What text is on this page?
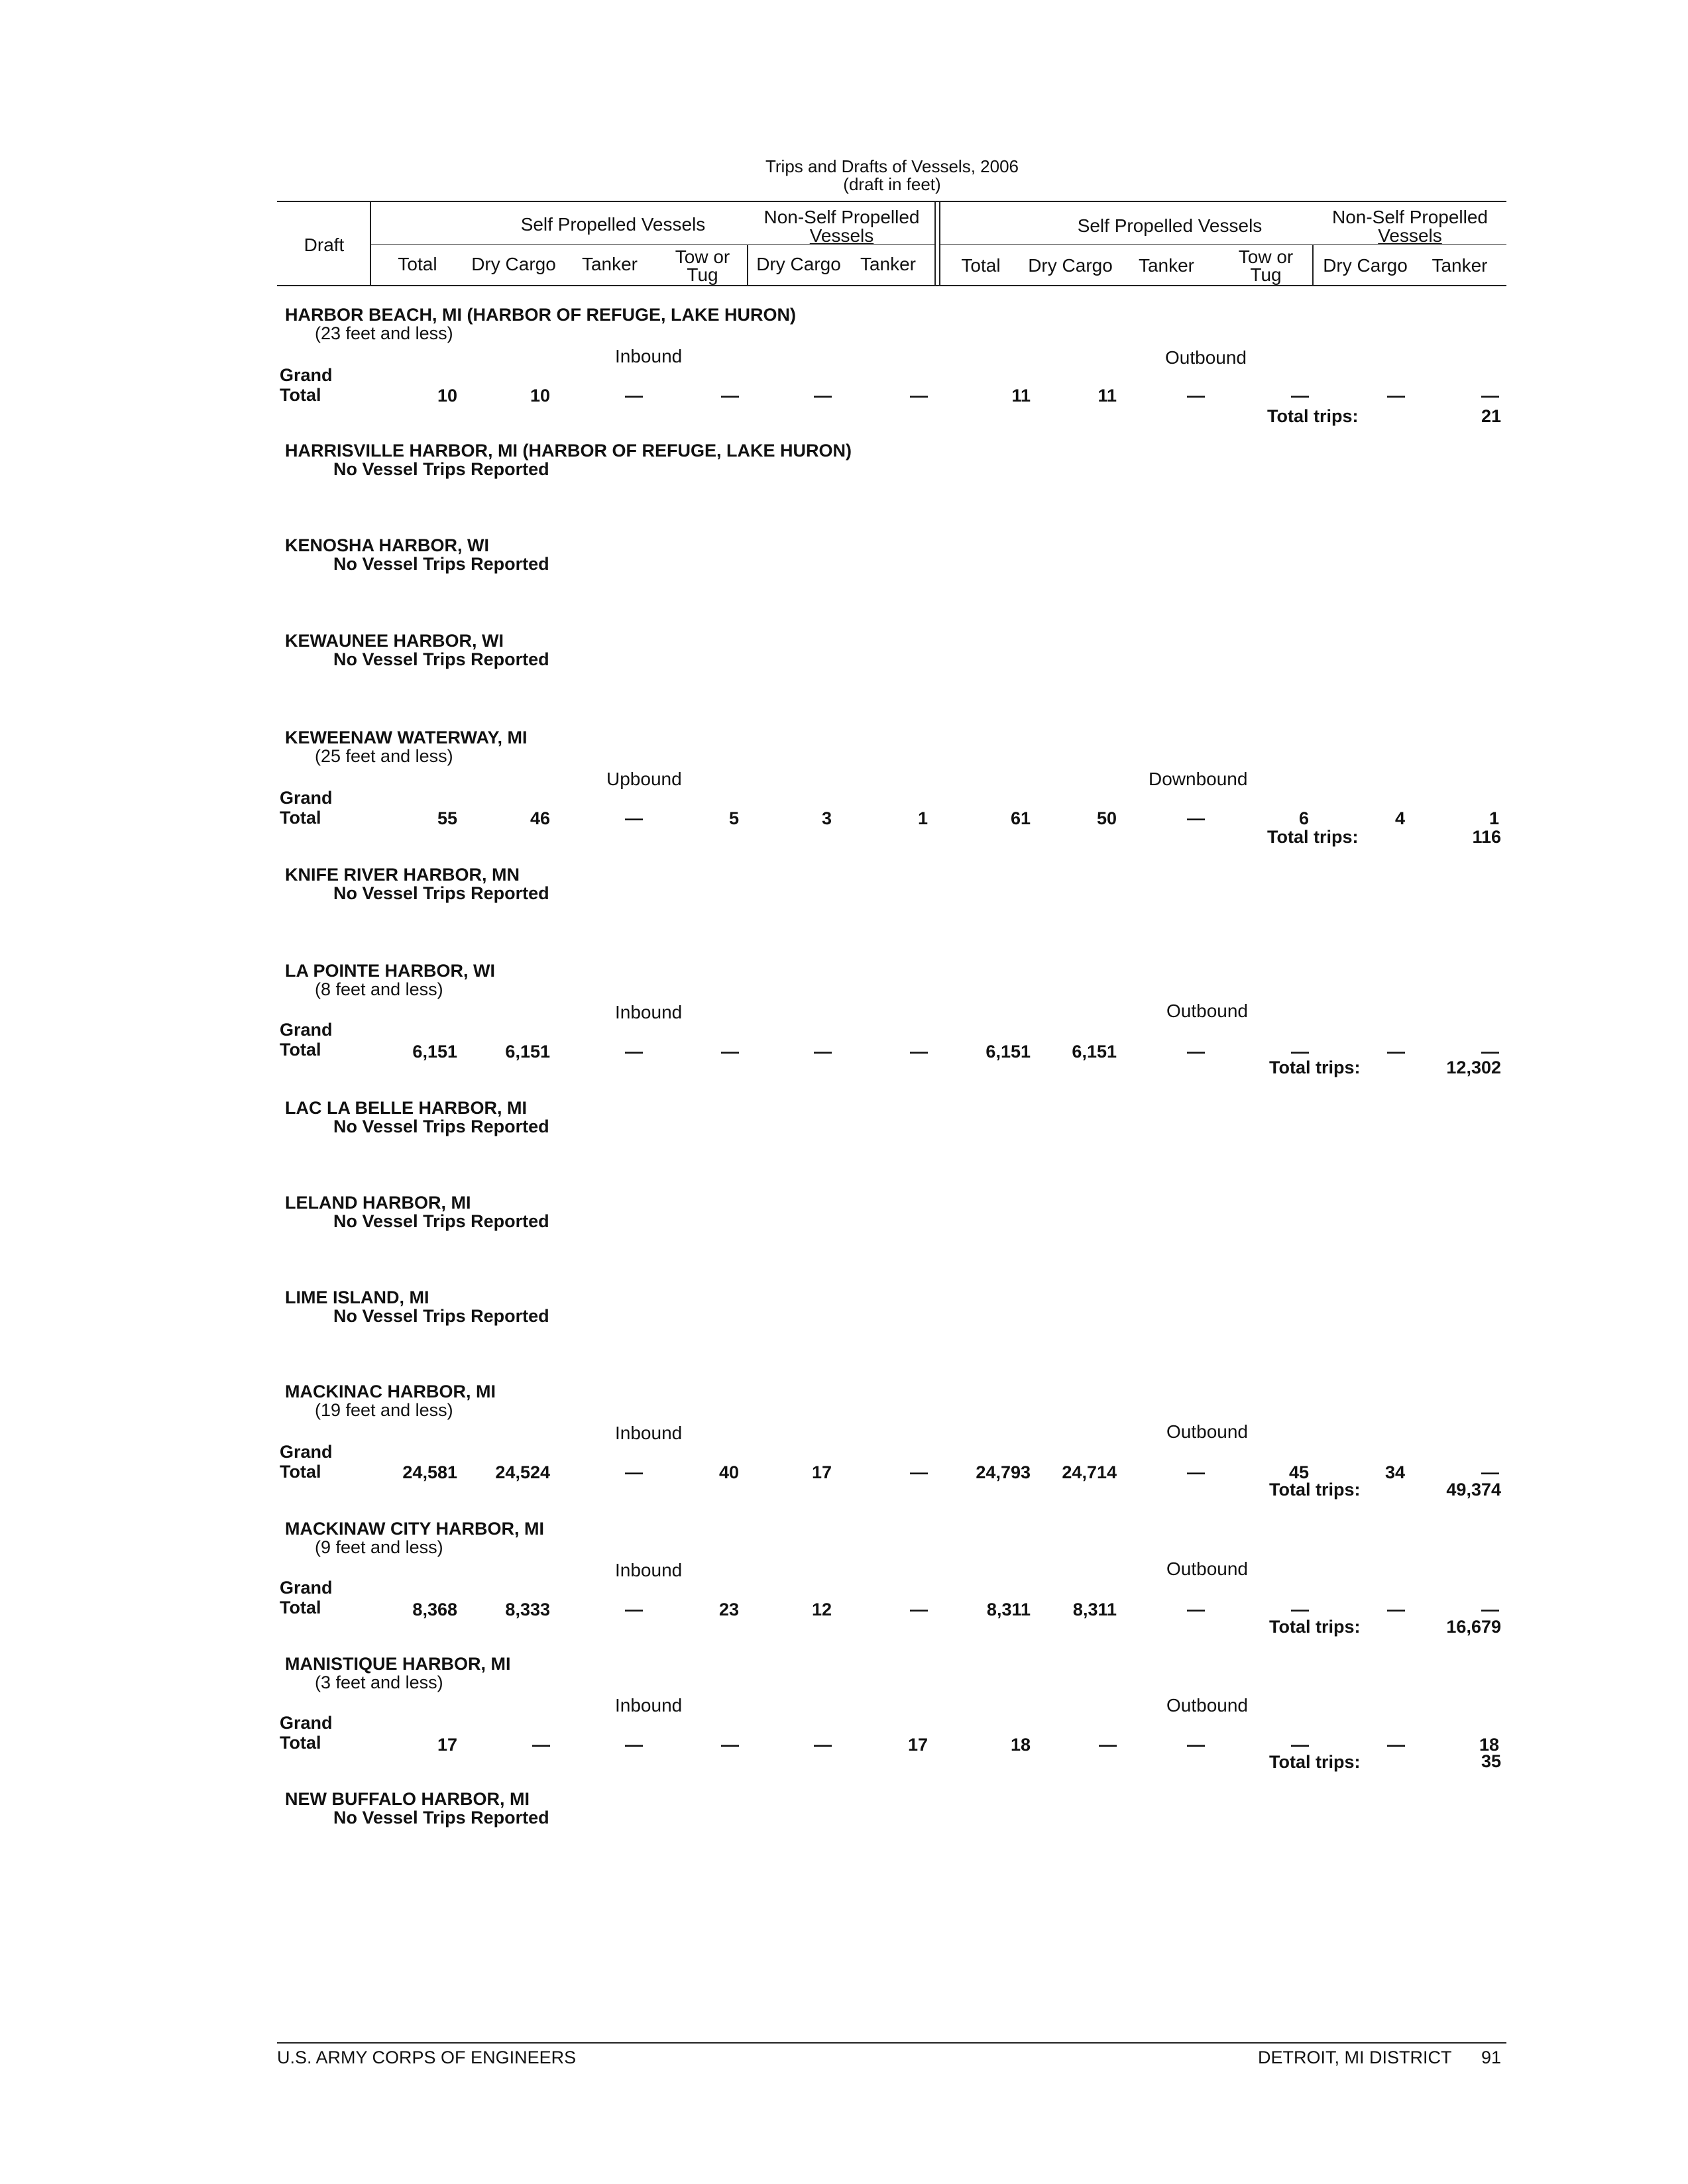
Trips and Drafts of Vessels, 2006
(draft in feet)
Draft
Self Propelled Vessels	Non-Self Propelled
Vessels	Self Propelled Vessels	Non-Self Propelled
Vessels
Total	Dry Cargo	Tanker	Tow or
Tug
Dry Cargo	Tanker	Total	Dry Cargo	Tanker	Tow or
Tug	Dry Cargo	Tanker
HARBOR BEACH, MI (HARBOR OF REFUGE, LAKE HURON)
(23 feet and less)
Inbound	Outbound
Grand
Total
Total trips:	21
10	10	—	—	—	—	11	11	—	—	—	—
HARRISVILLE HARBOR, MI (HARBOR OF REFUGE, LAKE HURON)
No Vessel Trips Reported
KENOSHA HARBOR, WI
No Vessel Trips Reported
KEWAUNEE HARBOR, WI
No Vessel Trips Reported
KEWEENAW WATERWAY, MI
(25 feet and less)
Upbound	Downbound
Grand
Total
Total trips:	116
55	46	—	5	3	1	61	50	—	6	4	1
KNIFE RIVER HARBOR, MN
No Vessel Trips Reported
LA POINTE HARBOR, WI
(8 feet and less)
Inbound	Outbound
Grand
Total
Total trips:	12,302
6,151	6,151	—	—	—	—	6,151	6,151	—	—	—	—
LAC LA BELLE HARBOR, MI
No Vessel Trips Reported
LELAND HARBOR, MI
No Vessel Trips Reported
LIME ISLAND, MI
No Vessel Trips Reported
MACKINAC HARBOR, MI
(19 feet and less)
Inbound	Outbound
Grand
Total
Total trips:	49,374
24,581	24,524	—	40	17	—	24,793	24,714	—	45	34	—
MACKINAW CITY HARBOR, MI
(9 feet and less)
Inbound	Outbound
Grand
Total
Total trips:	16,679
8,368	8,333	—	23	12	—	8,311	8,311	—	—	—	—
MANISTIQUE HARBOR, MI
(3 feet and less)
Inbound	Outbound
Grand
Total
Total trips:	35
17	—	—	—	—	17	18	—	—	—	—	18
NEW BUFFALO HARBOR, MI
No Vessel Trips Reported
U.S. ARMY CORPS OF ENGINEERS	DETROIT, MI DISTRICT 91
